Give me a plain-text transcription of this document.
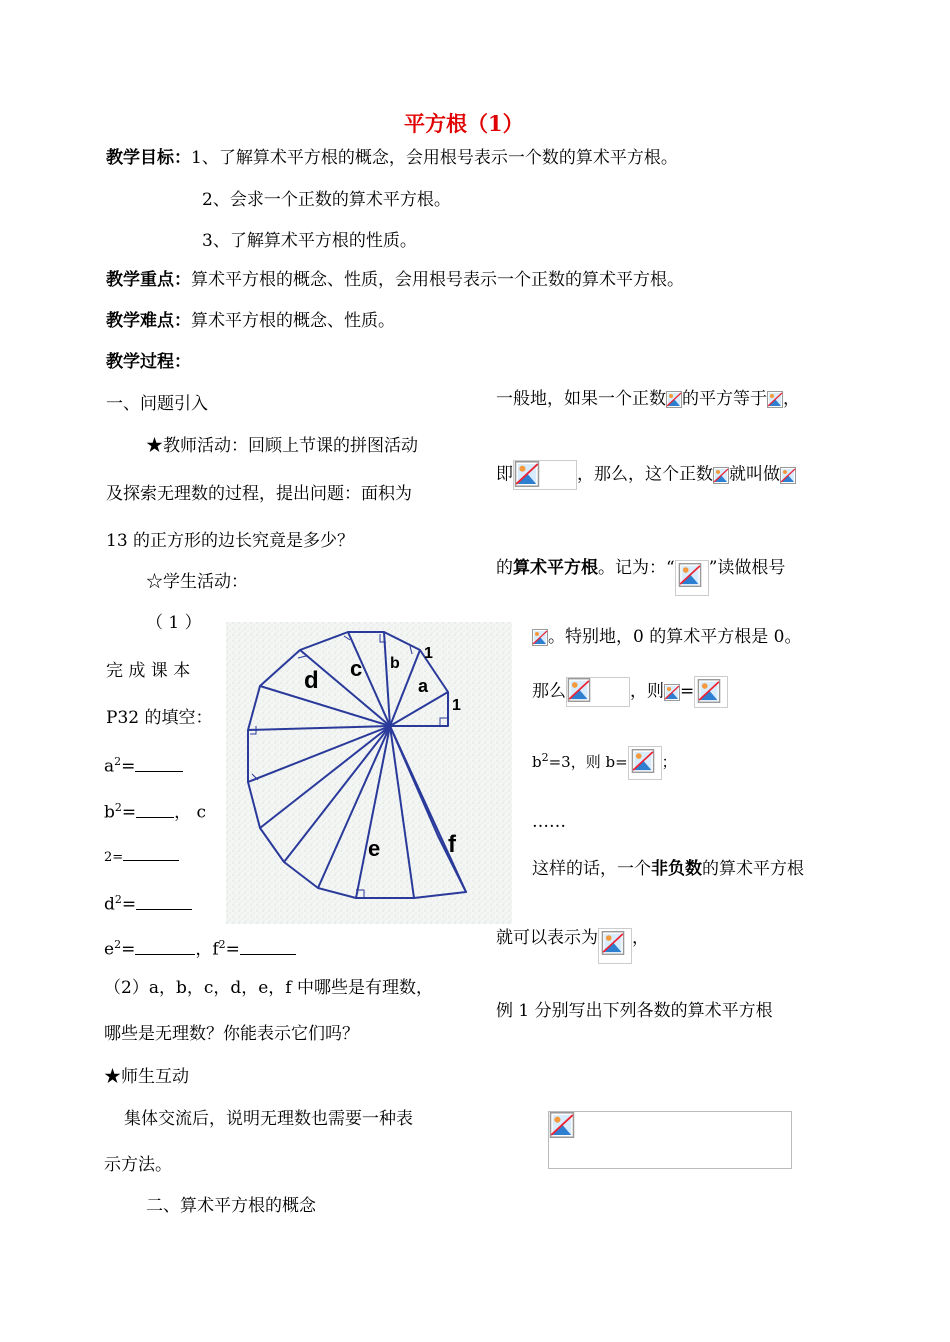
平方根（1）
教学目标：1、了解算术平方根的概念，会用根号表示一个数的算术平方根。
2、会求一个正数的算术平方根。
3、了解算术平方根的性质。
教学重点：算术平方根的概念、性质，会用根号表示一个正数的算术平方根。
教学难点：算术平方根的概念、性质。
教学过程：
一、问题引入
★教师活动：回顾上节课的拼图活动
及探索无理数的过程，提出问题：面积为
13 的正方形的边长究竟是多少？
☆学生活动：
（ 1 ）
完 成 课 本
P32 的填空：
$a^2=$
$b^2=$ ， c
2=
$d^2=$
$e^2=$	，$f^2=$
（2）a，b，c，d，e，f 中哪些是有理数，
哪些是无理数？你能表示它们吗？
★师生互动
集体交流后，说明无理数也需要一种表
示方法。
二、算术平方根的概念
d c b
1
a
1
e	f
一般地，如果一个正数 的平方等于 ，
即	，那么，这个正数 就叫做
的算术平方根。记为：“ ”读做根号
。特别地，0 的算术平方根是 0。
那么	，则 =
$b^2=3$，则 b= ；
……
这样的话，一个非负数的算术平方根
就可以表示为 ，
例 1 分别写出下列各数的算术平方根
